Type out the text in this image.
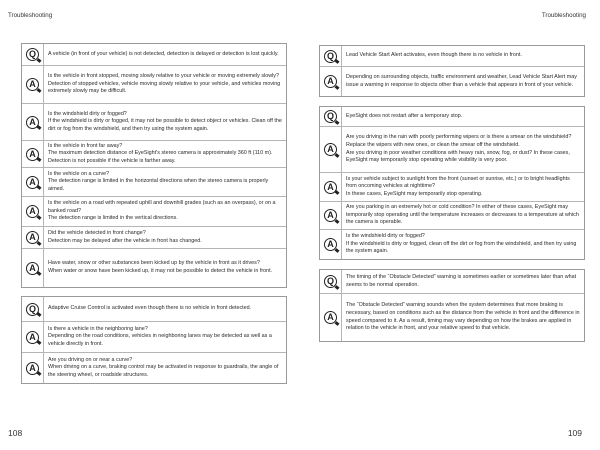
Troubleshooting
Q	A vehicle (in front of your vehicle) is not detected, detection is delayed or detection is lost quickly.
A
Is the vehicle in front stopped, moving slowly relative to your vehicle or moving extremely slowly?
Detection of stopped vehicles, vehicle moving slowly relative to your vehicle, and vehicles moving extremely slowly may be difficult.
A
Is the windshield dirty or fogged?
If the windshield is dirty or fogged, it may not be possible to detect object or vehicles. Clean off the dirt or fog from the windshield, and then try using the system again.
A
Is the vehicle in front far away?
The maximum detection distance of EyeSight's stereo camera is approximately 360 ft (110 m). Detection is not possible if the vehicle is farther away.
A
Is the vehicle on a curve?
The detection range is limited in the horizontal directions when the stereo camera is properly aimed.
A
Is the vehicle on a road with repeated uphill and downhill grades (such as an overpass), or on a banked road?
The detection range is limited in the vertical directions.
A	Did the vehicle detected in front change?
Detection may be delayed after the vehicle in front has changed.
A	Have water, snow or other substances been kicked up by the vehicle in front as it drives?
When water or snow have been kicked up, it may not be possible to detect the vehicle in front.
Q	Adaptive Cruise Control is activated even though there is no vehicle in front detected.
A
Is there a vehicle in the neighboring lane?
Depending on the road conditions, vehicles in neighboring lanes may be detected as well as a vehicle directly in front.
A
Are you driving on or near a curve?
When driving on a curve, braking control may be activated in response to guardrails, the angle of the steering wheel, or roadside structures.
108
Troubleshooting
Q	Lead Vehicle Start Alert activates, even though there is no vehicle in front.
A	Depending on surrounding objects, traffic environment and weather, Lead Vehicle Start Alert may issue a warning in response to objects other than a vehicle that appears in front of your vehicle.
Q	EyeSight does not restart after a temporary stop.
A
Are you driving in the rain with poorly performing wipers or is there a smear on the windshield?
Replace the wipers with new ones, or clean the smear off the windshield.
Are you driving in poor weather conditions with heavy rain, snow, fog, or dust? In these cases, EyeSight may temporarily stop operating while visibility is very poor.
A
Is your vehicle subject to sunlight from the front (sunset or sunrise, etc.) or to bright headlights from oncoming vehicles at nighttime?
In these cases, EyeSight may temporarily stop operating.
A
Are you parking in an extremely hot or cold condition? In either of these cases, EyeSight may temporarily stop operating until the temperature increases or decreases to a temperature at which the camera is operable.
A
Is the windshield dirty or fogged?
If the windshield is dirty or fogged, clean off the dirt or fog from the windshield, and then try using the system again.
Q	The timing of the “Obstacle Detected” warning is sometimes earlier or sometimes later than what seems to be normal operation.
A
The “Obstacle Detected” warning sounds when the system determines that more braking is necessary, based on conditions such as the distance from the vehicle in front and the difference in speed compared to it. As a result, timing may vary depending on how the brakes are applied in relation to the vehicle in front, and your relative speed to that vehicle.
109
